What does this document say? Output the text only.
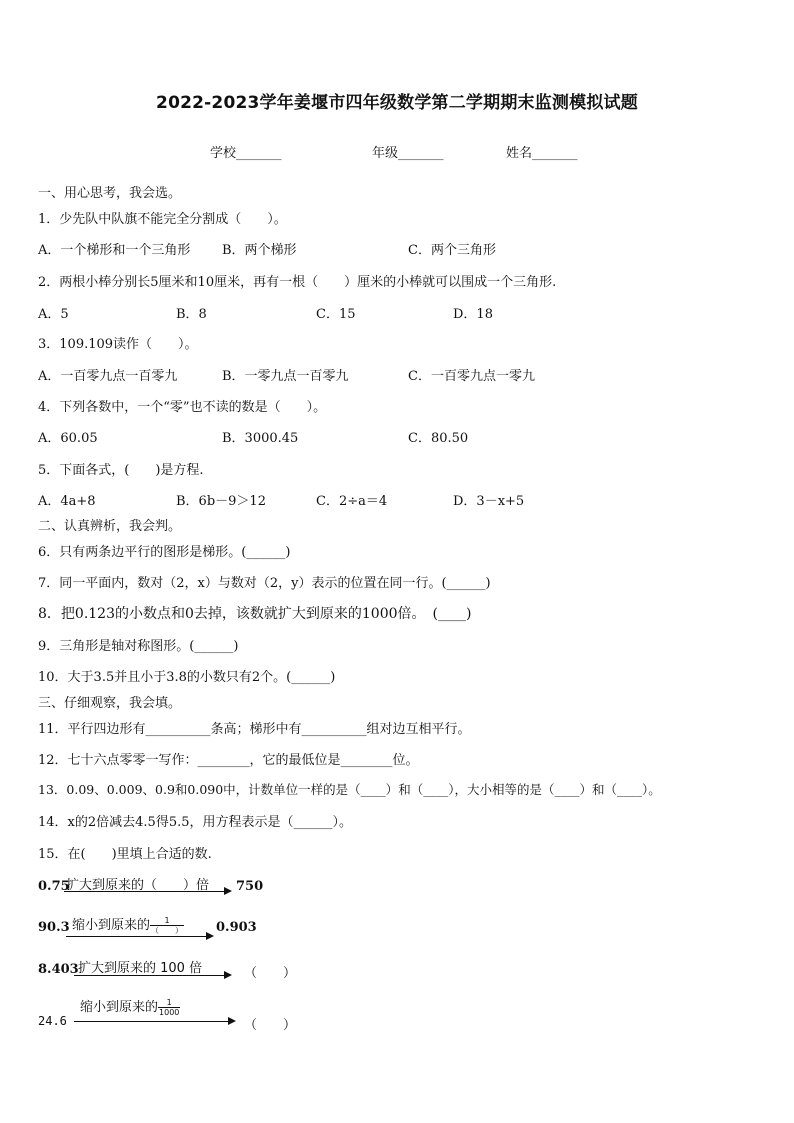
2022-2023学年姜堰市四年级数学第二学期期末监测模拟试题
学校_______	年级_______	姓名_______
一、用心思考，我会选。
1．少先队中队旗不能完全分割成（　　）。
A．一个梯形和一个三角形 B．两个梯形	C．两个三角形
2．两根小棒分别长5厘米和10厘米，再有一根（　　）厘米的小棒就可以围成一个三角形.
A．5	B．8	C．15	D．18
3．109.109读作（　　）。
A．一百零九点一百零九	B．一零九点一百零九	C．一百零九点一零九
4．下列各数中，一个“零”也不读的数是（　　）。
A．60.05	B．3000.45	C．80.50
5．下面各式，(　　)是方程.
A．4a+8	B．6b－9＞12	C．2÷a＝4	D．3－x+5
二、认真辨析，我会判。
6．只有两条边平行的图形是梯形。(______)
7．同一平面内，数对（2，x）与数对（2，y）表示的位置在同一行。(______)
8．把0.123的小数点和0去掉，该数就扩大到原来的1000倍。　(____)
9．三角形是轴对称图形。(______)
10．大于3.5并且小于3.8的小数只有2个。(______)
三、仔细观察，我会填。
11．平行四边形有__________条高；梯形中有__________组对边互相平行。
12．七十六点零零一写作：________，它的最低位是________位。
13．0.09、0.009、0.9和0.090中，计数单位一样的是（____）和（____），大小相等的是（____）和（____）。
14．x的2倍减去4.5得5.5，用方程表示是（______）。
15．在(　　)里填上合适的数.
0.75
扩大到原来的（　　）倍 750
90.3 缩小到原来的 $\frac{1}{( )} 0.903$
8.403 扩大到原来的 100 倍	（　　）
24.6
缩小到原来的 $\frac{1}{1000}$
（　　）
